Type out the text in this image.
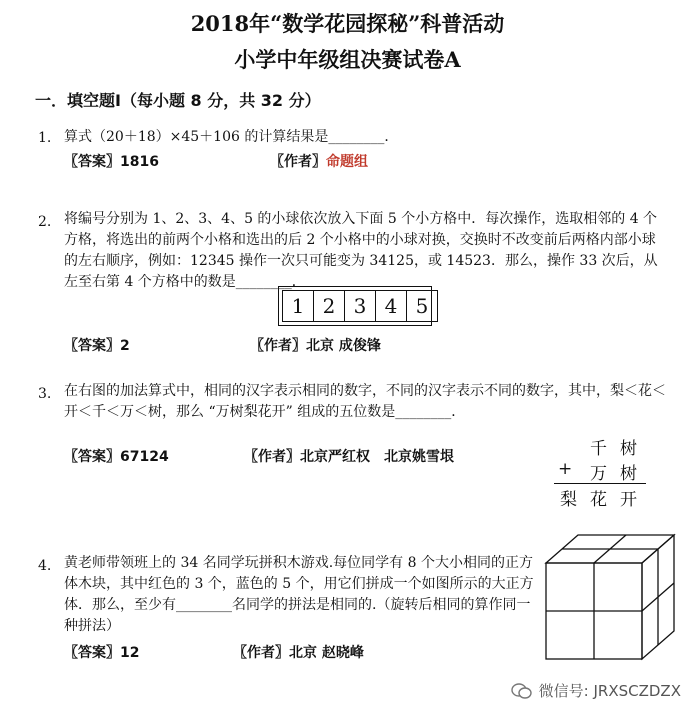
2018年“数学花园探秘”科普活动
小学中年级组决赛试卷A
一．填空题Ⅰ（每小题 8 分，共 32 分）
1. 算式（20＋18）×45＋106 的计算结果是________．
〖答案〗1816	〖作者〗命题组
2. 将编号分别为 1、2、3、4、5 的小球依次放入下面 5 个小方格中．每次操作，选取相邻的 4 个方格，将选出的前两个小格和选出的后 2 个小格中的小球对换，交换时不改变前后两格内部小球的左右顺序，例如：12345 操作一次只可能变为 34125，或 14523．那么，操作 33 次后，从左至右第 4 个方格中的数是________．
1 2 3 4 5
〖答案〗2	〖作者〗北京 成俊锋
3. 在右图的加法算式中，相同的汉字表示相同的数字，不同的汉字表示不同的数字，其中，梨＜花＜开＜千＜万＜树，那么 “万树梨花开” 组成的五位数是________．
〖答案〗67124	〖作者〗北京严红权　北京姚雪垠	千 树
+ 万 树
梨 花 开
4. 黄老师带领班上的 34 名同学玩拼积木游戏.每位同学有 8 个大小相同的正方体木块，其中红色的 3 个，蓝色的 5 个，用它们拼成一个如图所示的大正方体．那么，至少有________名同学的拼法是相同的.（旋转后相同的算作同一种拼法）
〖答案〗12	〖作者〗北京 赵晓峰
微信号: JRXSCZDZX
